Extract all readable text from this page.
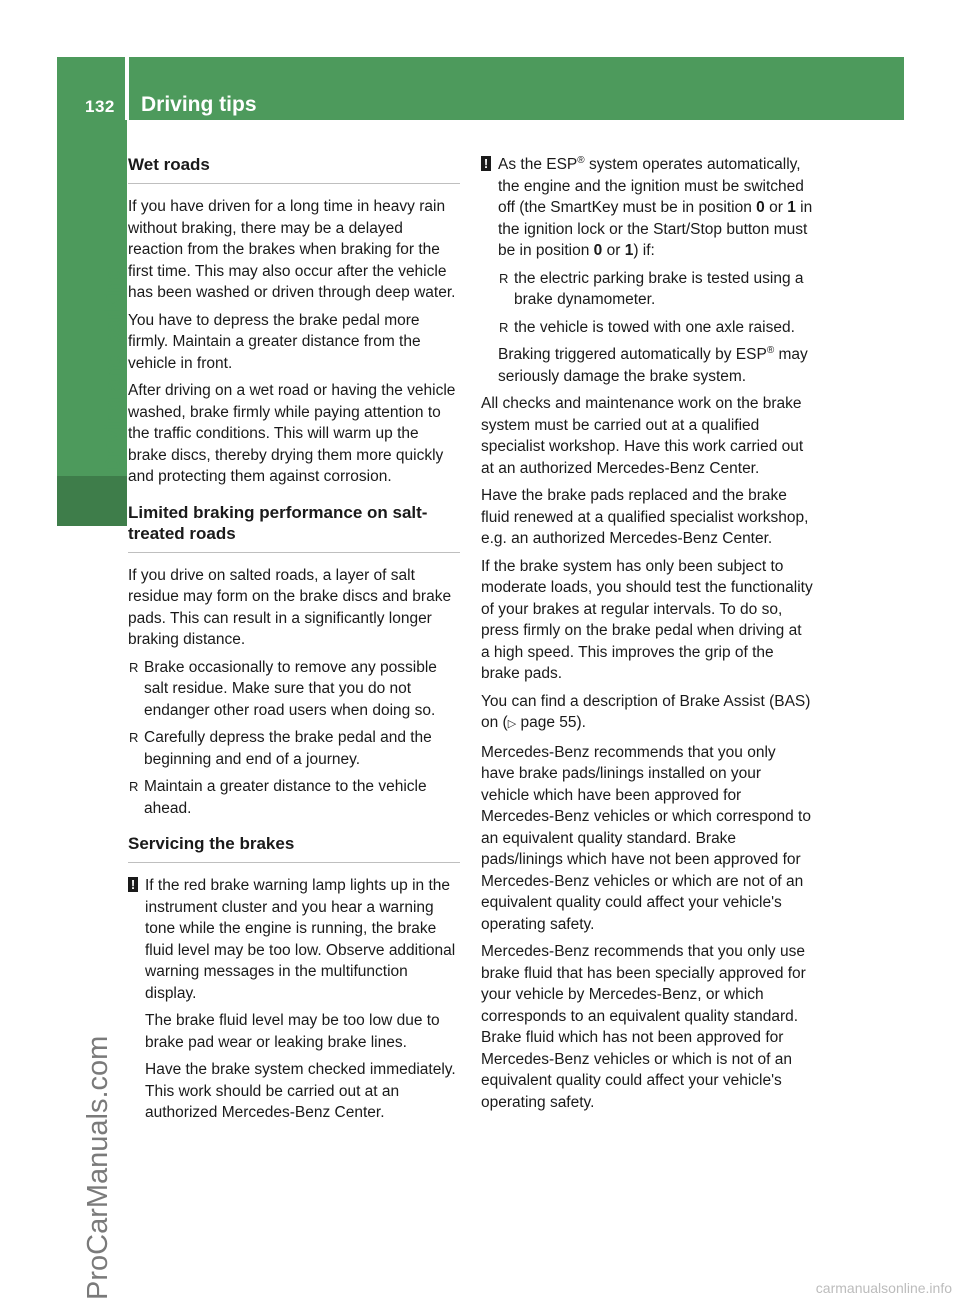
132 Driving tips
Driving and parking
ProCarManuals.com	carmanualsonline.info
Wet roads

If you have driven for a long time in heavy rain without braking, there may be a delayed reaction from the brakes when braking for the first time. This may also occur after the vehicle has been washed or driven through deep water.

You have to depress the brake pedal more firmly. Maintain a greater distance from the vehicle in front.

After driving on a wet road or having the vehicle washed, brake firmly while paying attention to the traffic conditions. This will warm up the brake discs, thereby drying them more quickly and protecting them against corrosion.

Limited braking performance on salt-treated roads

If you drive on salted roads, a layer of salt residue may form on the brake discs and brake pads. This can result in a significantly longer braking distance.

R Brake occasionally to remove any possible salt residue. Make sure that you do not endanger other road users when doing so.

R Carefully depress the brake pedal and the beginning and end of a journey.

R Maintain a greater distance to the vehicle ahead.

Servicing the brakes
! If the red brake warning lamp lights up in the instrument cluster and you hear a warning tone while the engine is running, the brake fluid level may be too low. Observe additional warning messages in the multifunction display.

The brake fluid level may be too low due to brake pad wear or leaking brake lines.

Have the brake system checked immediately. This work should be carried out at an authorized Mercedes-Benz Center.

! As the ESP® system operates automatically, the engine and the ignition must be switched off (the SmartKey must be in position 0 or 1 in the ignition lock or the Start/Stop button must be in position 0 or 1) if:

R the electric parking brake is tested using a brake dynamometer.

R the vehicle is towed with one axle raised.

Braking triggered automatically by ESP® may seriously damage the brake system.

All checks and maintenance work on the brake system must be carried out at a qualified specialist workshop. Have this work carried out at an authorized Mercedes-Benz Center.

Have the brake pads replaced and the brake fluid renewed at a qualified specialist workshop, e.g. an authorized Mercedes-Benz Center.

If the brake system has only been subject to moderate loads, you should test the functionality of your brakes at regular intervals. To do so, press firmly on the brake pedal when driving at a high speed. This improves the grip of the brake pads.

You can find a description of Brake Assist (BAS) on (▷ page 55).

Mercedes-Benz recommends that you only have brake pads/linings installed on your vehicle which have been approved for Mercedes-Benz vehicles or which correspond to an equivalent quality standard. Brake pads/linings which have not been approved for Mercedes-Benz vehicles or which are not of an equivalent quality could affect your vehicle's operating safety.

Mercedes-Benz recommends that you only use brake fluid that has been specially approved for your vehicle by Mercedes-Benz, or which corresponds to an equivalent quality standard. Brake fluid which has not been approved for Mercedes-Benz vehicles or which is not of an equivalent quality could affect your vehicle's operating safety.
